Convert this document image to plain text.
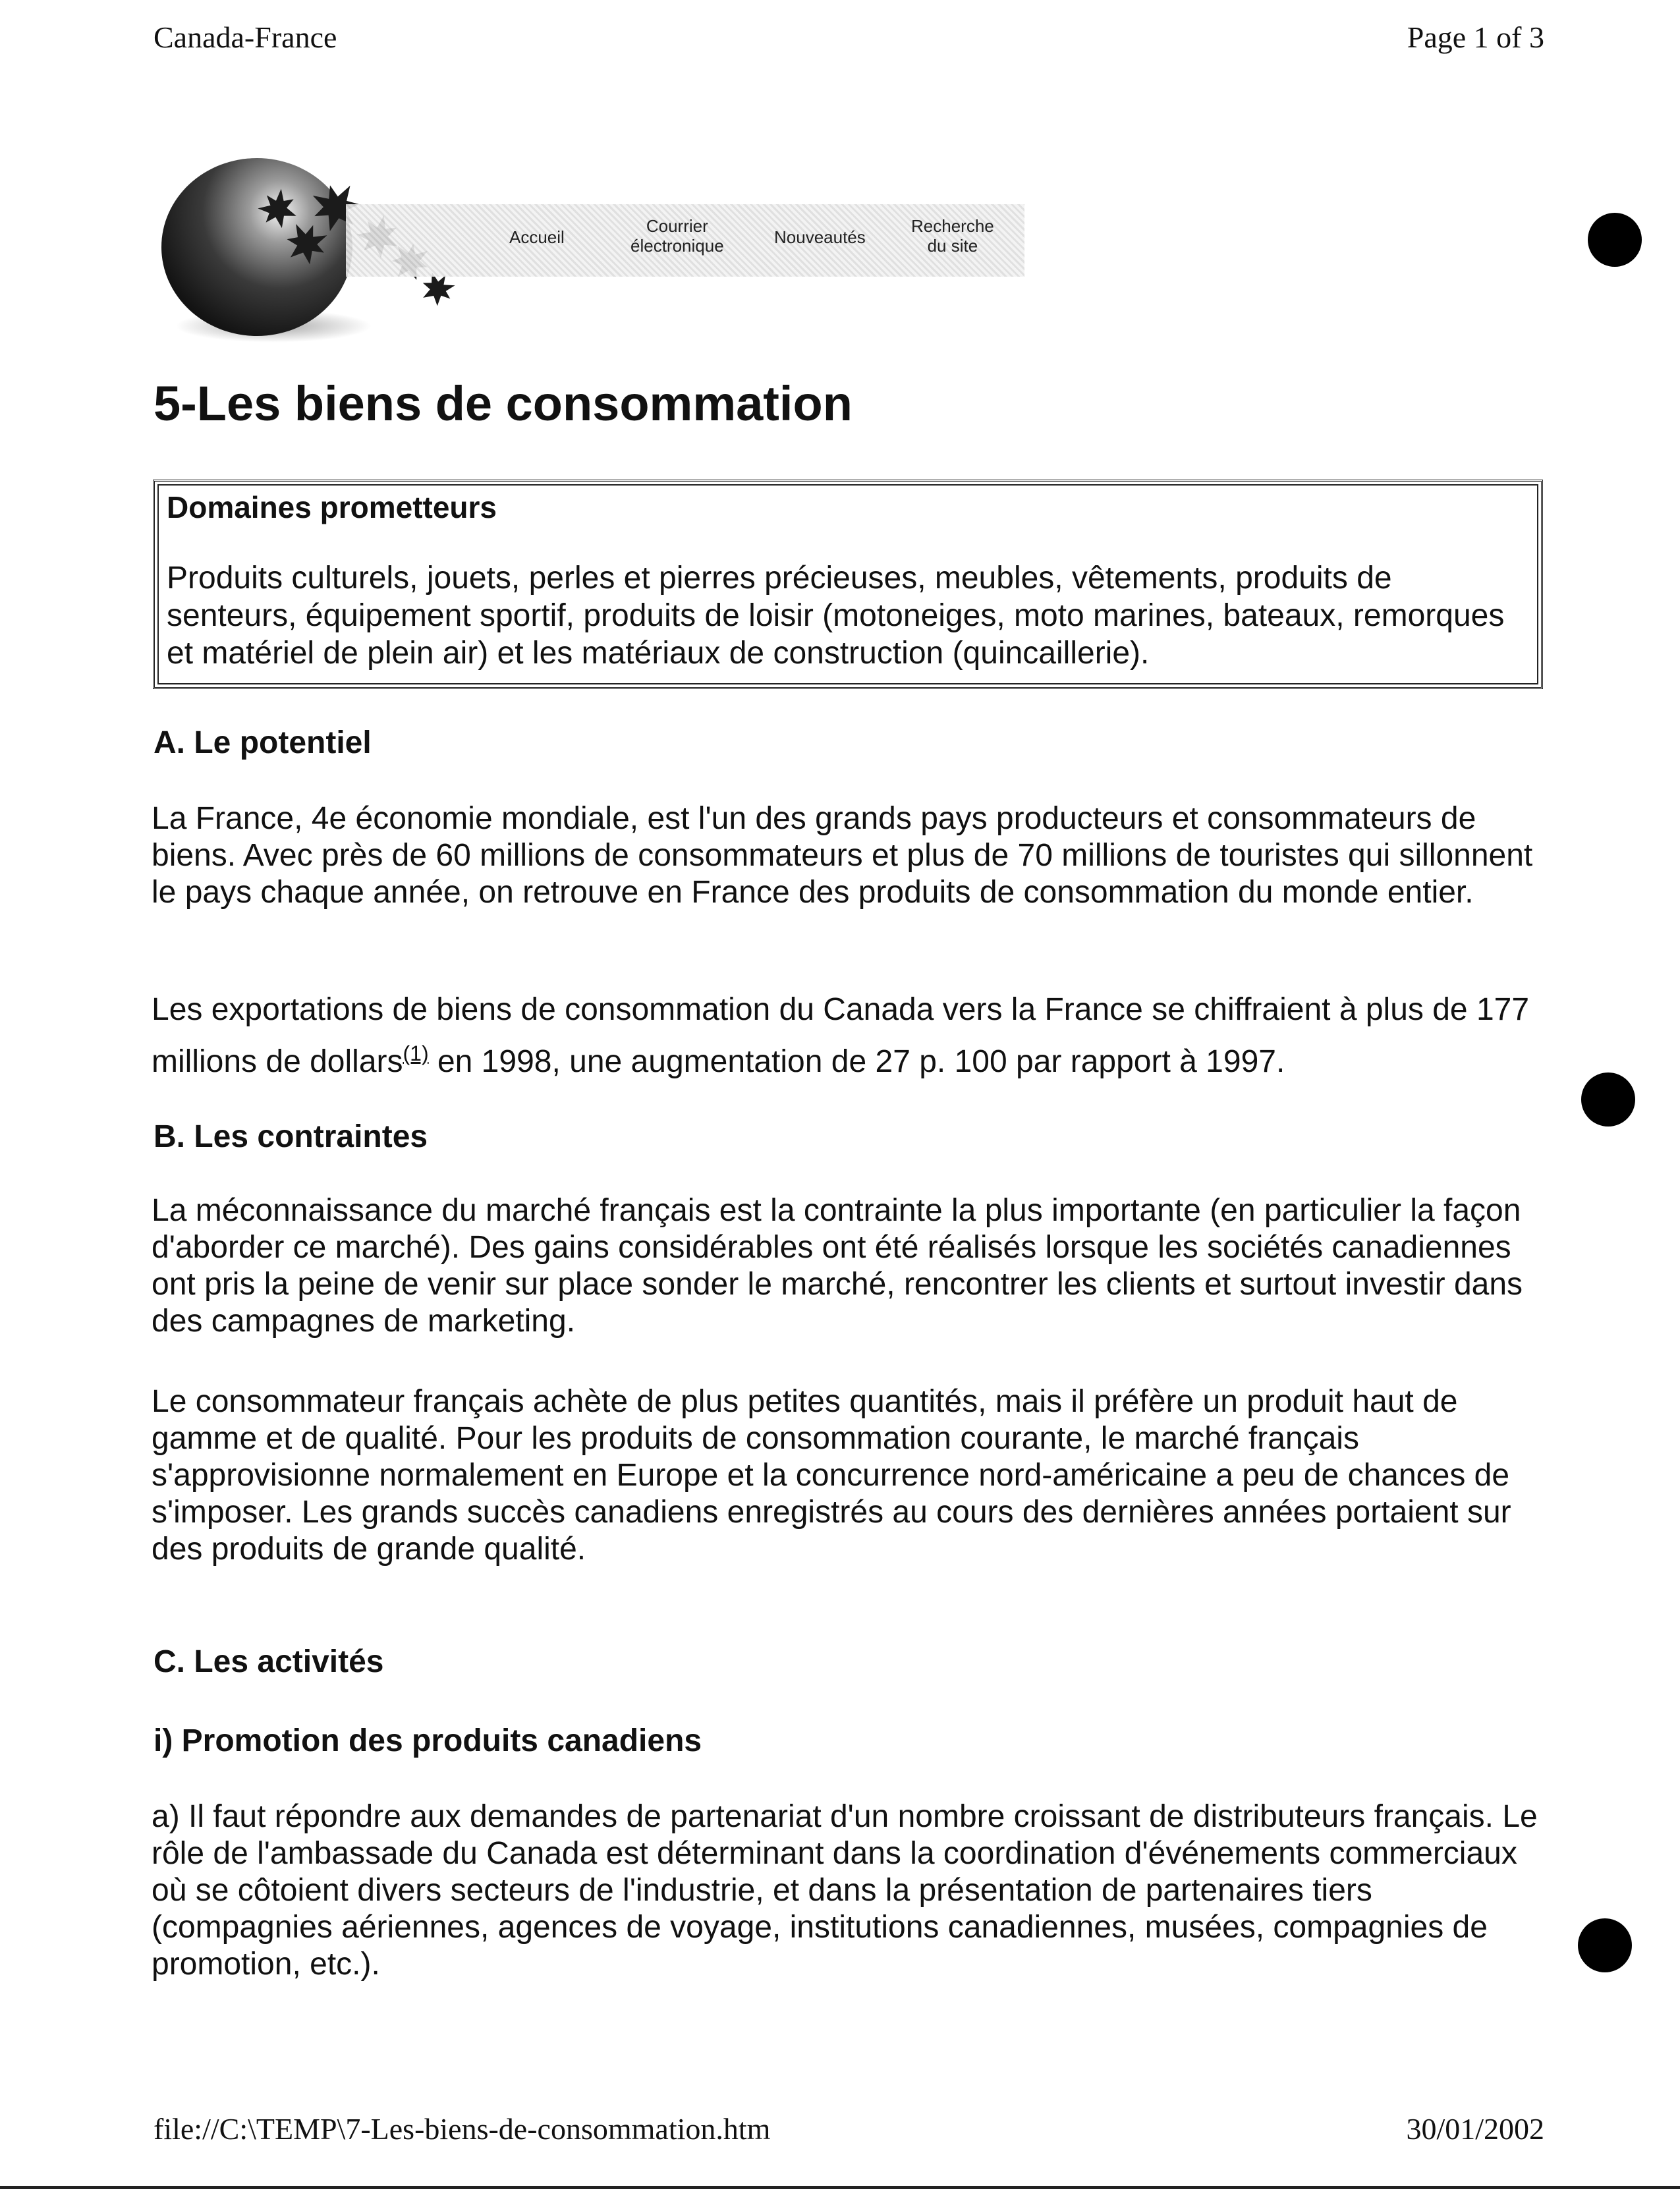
Canada-France	Page 1 of 3
Accueil
Courrier
électronique	Nouveautés
Recherche
du site
5-Les biens de consommation
Domaines prometteurs
Produits culturels, jouets, perles et pierres précieuses, meubles, vêtements, produits de senteurs, équipement sportif, produits de loisir (motoneiges, moto marines, bateaux, remorques et matériel de plein air) et les matériaux de construction (quincaillerie).
A. Le potentiel

La France, 4e économie mondiale, est l'un des grands pays producteurs et consommateurs de biens. Avec près de 60 millions de consommateurs et plus de 70 millions de touristes qui sillonnent le pays chaque année, on retrouve en France des produits de consommation du monde entier.

Les exportations de biens de consommation du Canada vers la France se chiffraient à plus de 177 millions de dollars$^{(1)}$ en 1998, une augmentation de 27 p. 100 par rapport à 1997.

B. Les contraintes

La méconnaissance du marché français est la contrainte la plus importante (en particulier la façon d'aborder ce marché). Des gains considérables ont été réalisés lorsque les sociétés canadiennes ont pris la peine de venir sur place sonder le marché, rencontrer les clients et surtout investir dans des campagnes de marketing.

Le consommateur français achète de plus petites quantités, mais il préfère un produit haut de gamme et de qualité. Pour les produits de consommation courante, le marché français s'approvisionne normalement en Europe et la concurrence nord-américaine a peu de chances de s'imposer. Les grands succès canadiens enregistrés au cours des dernières années portaient sur des produits de grande qualité.

C. Les activités
i) Promotion des produits canadiens

a) Il faut répondre aux demandes de partenariat d'un nombre croissant de distributeurs français. Le rôle de l'ambassade du Canada est déterminant dans la coordination d'événements commerciaux où se côtoient divers secteurs de l'industrie, et dans la présentation de partenaires tiers (compagnies aériennes, agences de voyage, institutions canadiennes, musées, compagnies de promotion, etc.).

file://C:\TEMP\7-Les-biens-de-consommation.htm	30/01/2002
